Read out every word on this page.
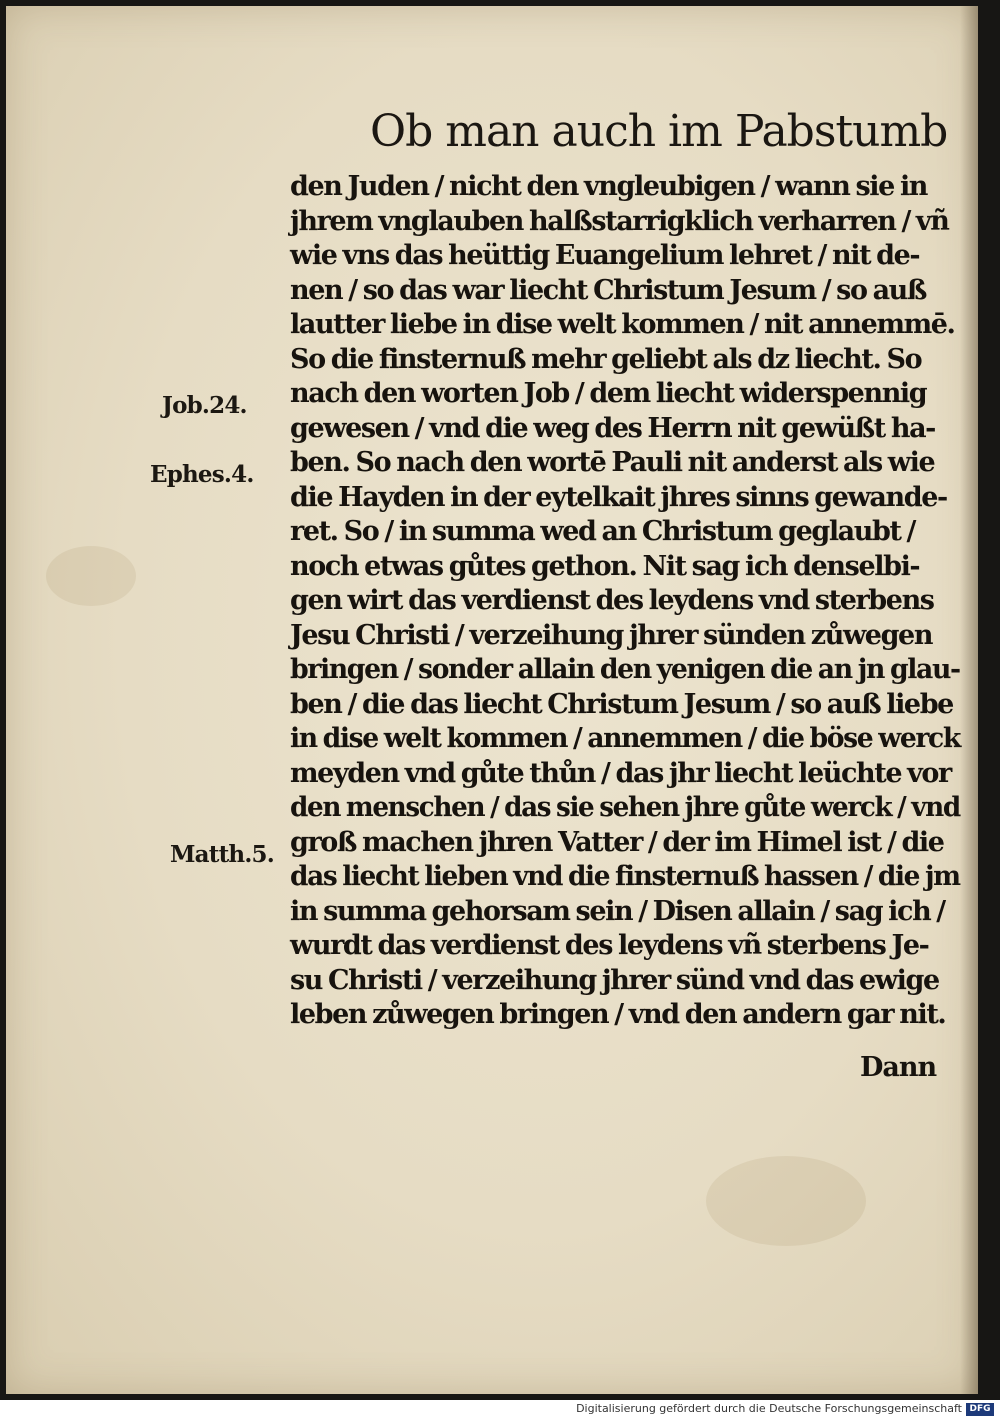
Ob man auch im Pabstumb
den Juden / nicht den vngleubigen / wann sie in
jhrem vnglauben halßstarrigklich verharren / vñ
wie vns das heüttig Euangelium lehret / nit de-
nen / so das war liecht Christum Jesum / so auß
lautter liebe in dise welt kommen / nit annemmē.
So die finsternuß mehr geliebt als dz liecht. So
nach den worten Job / dem liecht widerspennig
gewesen / vnd die weg des Herrn nit gewüßt ha-
ben. So nach den wortē Pauli nit anderst als wie
die Hayden in der eytelkait jhres sinns gewande-
ret. So / in summa wed an Christum geglaubt /
noch etwas gůtes gethon. Nit sag ich denselbi-
gen wirt das verdienst des leydens vnd sterbens
Jesu Christi / verzeihung jhrer sünden zůwegen
bringen / sonder allain den yenigen die an jn glau-
ben / die das liecht Christum Jesum / so auß liebe
in dise welt kommen / annemmen / die böse werck
meyden vnd gůte thůn / das jhr liecht leüchte vor
den menschen / das sie sehen jhre gůte werck / vnd
groß machen jhren Vatter / der im Himel ist / die
das liecht lieben vnd die finsternuß hassen / die jm
in summa gehorsam sein / Disen allain / sag ich /
wurdt das verdienst des leydens vñ sterbens Je-
su Christi / verzeihung jhrer sünd vnd das ewige
leben zůwegen bringen / vnd den andern gar nit.
Dann
Job.24.
Ephes.4.
Matth.5.
Digitalisierung gefördert durch die Deutsche Forschungsgemeinschaft DFG
